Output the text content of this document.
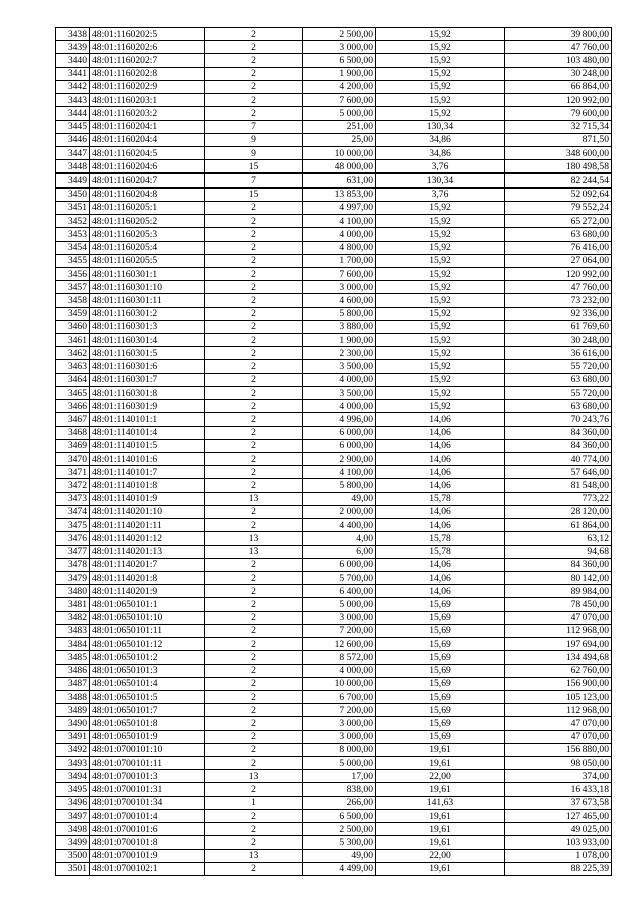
3438	48:01:1160202:5	2	2 500,00	15,92	39 800,00
3439	48:01:1160202:6	2	3 000,00	15,92	47 760,00
3440	48:01:1160202:7	2	6 500,00	15,92	103 480,00
3441	48:01:1160202:8	2	1 900,00	15,92	30 248,00
3442	48:01:1160202:9	2	4 200,00	15,92	66 864,00
3443	48:01:1160203:1	2	7 600,00	15,92	120 992,00
3444	48:01:1160203:2	2	5 000,00	15,92	79 600,00
3445	48:01:1160204:1	7	251,00	130,34	32 715,34
3446	48:01:1160204:4	9	25,00	34,86	871,50
3447	48:01:1160204:5	9	10 000,00	34,86	348 600,00
3448	48:01:1160204:6	15	48 000,00	3,76	180 498,58
3449	48:01:1160204:7	7	631,00	130,34	82 244,54
3450	48:01:1160204:8	15	13 853,00	3,76	52 092,64
3451	48:01:1160205:1	2	4 997,00	15,92	79 552,24
3452	48:01:1160205:2	2	4 100,00	15,92	65 272,00
3453	48:01:1160205:3	2	4 000,00	15,92	63 680,00
3454	48:01:1160205:4	2	4 800,00	15,92	76 416,00
3455	48:01:1160205:5	2	1 700,00	15,92	27 064,00
3456	48:01:1160301:1	2	7 600,00	15,92	120 992,00
3457	48:01:1160301:10	2	3 000,00	15,92	47 760,00
3458	48:01:1160301:11	2	4 600,00	15,92	73 232,00
3459	48:01:1160301:2	2	5 800,00	15,92	92 336,00
3460	48:01:1160301:3	2	3 880,00	15,92	61 769,60
3461	48:01:1160301:4	2	1 900,00	15,92	30 248,00
3462	48:01:1160301:5	2	2 300,00	15,92	36 616,00
3463	48:01:1160301:6	2	3 500,00	15,92	55 720,00
3464	48:01:1160301:7	2	4 000,00	15,92	63 680,00
3465	48:01:1160301:8	2	3 500,00	15,92	55 720,00
3466	48:01:1160301:9	2	4 000,00	15,92	63 680,00
3467	48:01:1140101:1	2	4 996,00	14,06	70 243,76
3468	48:01:1140101:4	2	6 000,00	14,06	84 360,00
3469	48:01:1140101:5	2	6 000,00	14,06	84 360,00
3470	48:01:1140101:6	2	2 900,00	14,06	40 774,00
3471	48:01:1140101:7	2	4 100,00	14,06	57 646,00
3472	48:01:1140101:8	2	5 800,00	14,06	81 548,00
3473	48:01:1140101:9	13	49,00	15,78	773,22
3474	48:01:1140201:10	2	2 000,00	14,06	28 120,00
3475	48:01:1140201:11	2	4 400,00	14,06	61 864,00
3476	48:01:1140201:12	13	4,00	15,78	63,12
3477	48:01:1140201:13	13	6,00	15,78	94,68
3478	48:01:1140201:7	2	6 000,00	14,06	84 360,00
3479	48:01:1140201:8	2	5 700,00	14,06	80 142,00
3480	48:01:1140201:9	2	6 400,00	14,06	89 984,00
3481	48:01:0650101:1	2	5 000,00	15,69	78 450,00
3482	48:01:0650101:10	2	3 000,00	15,69	47 070,00
3483	48:01:0650101:11	2	7 200,00	15,69	112 968,00
3484	48:01:0650101:12	2	12 600,00	15,69	197 694,00
3485	48:01:0650101:2	2	8 572,00	15,69	134 494,68
3486	48:01:0650101:3	2	4 000,00	15,69	62 760,00
3487	48:01:0650101:4	2	10 000,00	15,69	156 900,00
3488	48:01:0650101:5	2	6 700,00	15,69	105 123,00
3489	48:01:0650101:7	2	7 200,00	15,69	112 968,00
3490	48:01:0650101:8	2	3 000,00	15,69	47 070,00
3491	48:01:0650101:9	2	3 000,00	15,69	47 070,00
3492	48:01:0700101:10	2	8 000,00	19,61	156 880,00
3493	48:01:0700101:11	2	5 000,00	19,61	98 050,00
3494	48:01:0700101:3	13	17,00	22,00	374,00
3495	48:01:0700101:31	2	838,00	19,61	16 433,18
3496	48:01:0700101:34	1	266,00	141,63	37 673,58
3497	48:01:0700101:4	2	6 500,00	19,61	127 465,00
3498	48:01:0700101:6	2	2 500,00	19,61	49 025,00
3499	48:01:0700101:8	2	5 300,00	19,61	103 933,00
3500	48:01:0700101:9	13	49,00	22,00	1 078,00
3501	48:01:0700102:1	2	4 499,00	19,61	88 225,39
